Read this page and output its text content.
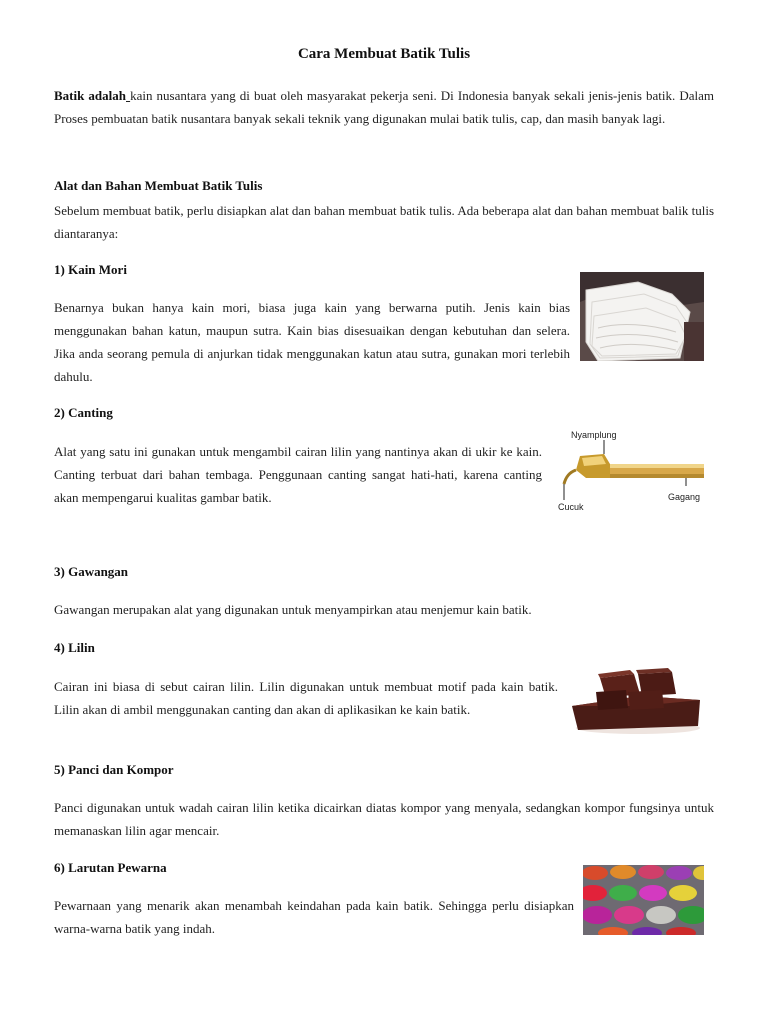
Cara Membuat Batik Tulis
Batik adalah kain nusantara yang di buat oleh masyarakat pekerja seni. Di Indonesia banyak sekali jenis-jenis batik. Dalam Proses pembuatan batik nusantara banyak sekali teknik yang digunakan mulai batik tulis, cap, dan masih banyak lagi.
Alat dan Bahan Membuat Batik Tulis
Sebelum membuat batik, perlu disiapkan alat dan bahan membuat batik tulis. Ada beberapa alat dan bahan membuat balik tulis diantaranya:
1) Kain Mori
Benarnya bukan hanya kain mori, biasa juga kain yang berwarna putih. Jenis kain bias menggunakan bahan katun, maupun sutra. Kain bias disesuaikan dengan kebutuhan dan selera. Jika anda seorang pemula di anjurkan tidak menggunakan katun atau sutra, gunakan mori terlebih dahulu.
2) Canting
Alat yang satu ini gunakan untuk mengambil cairan lilin yang nantinya akan di ukir ke kain. Canting terbuat dari bahan tembaga. Penggunaan canting sangat hati-hati, karena canting akan mempengarui kualitas gambar batik.
Nyamplung
Cucuk
Gagang
3) Gawangan
Gawangan merupakan alat yang digunakan untuk menyampirkan atau menjemur kain batik.
4) Lilin
Cairan ini biasa di sebut cairan lilin. Lilin digunakan untuk membuat motif pada kain batik. Lilin akan di ambil menggunakan canting dan akan di aplikasikan ke kain batik.
5) Panci dan Kompor
Panci digunakan untuk wadah cairan lilin ketika dicairkan diatas kompor yang menyala, sedangkan kompor fungsinya untuk memanaskan lilin agar mencair.
6) Larutan Pewarna
Pewarnaan yang menarik akan menambah keindahan pada kain batik. Sehingga perlu disiapkan warna-warna batik yang indah.
